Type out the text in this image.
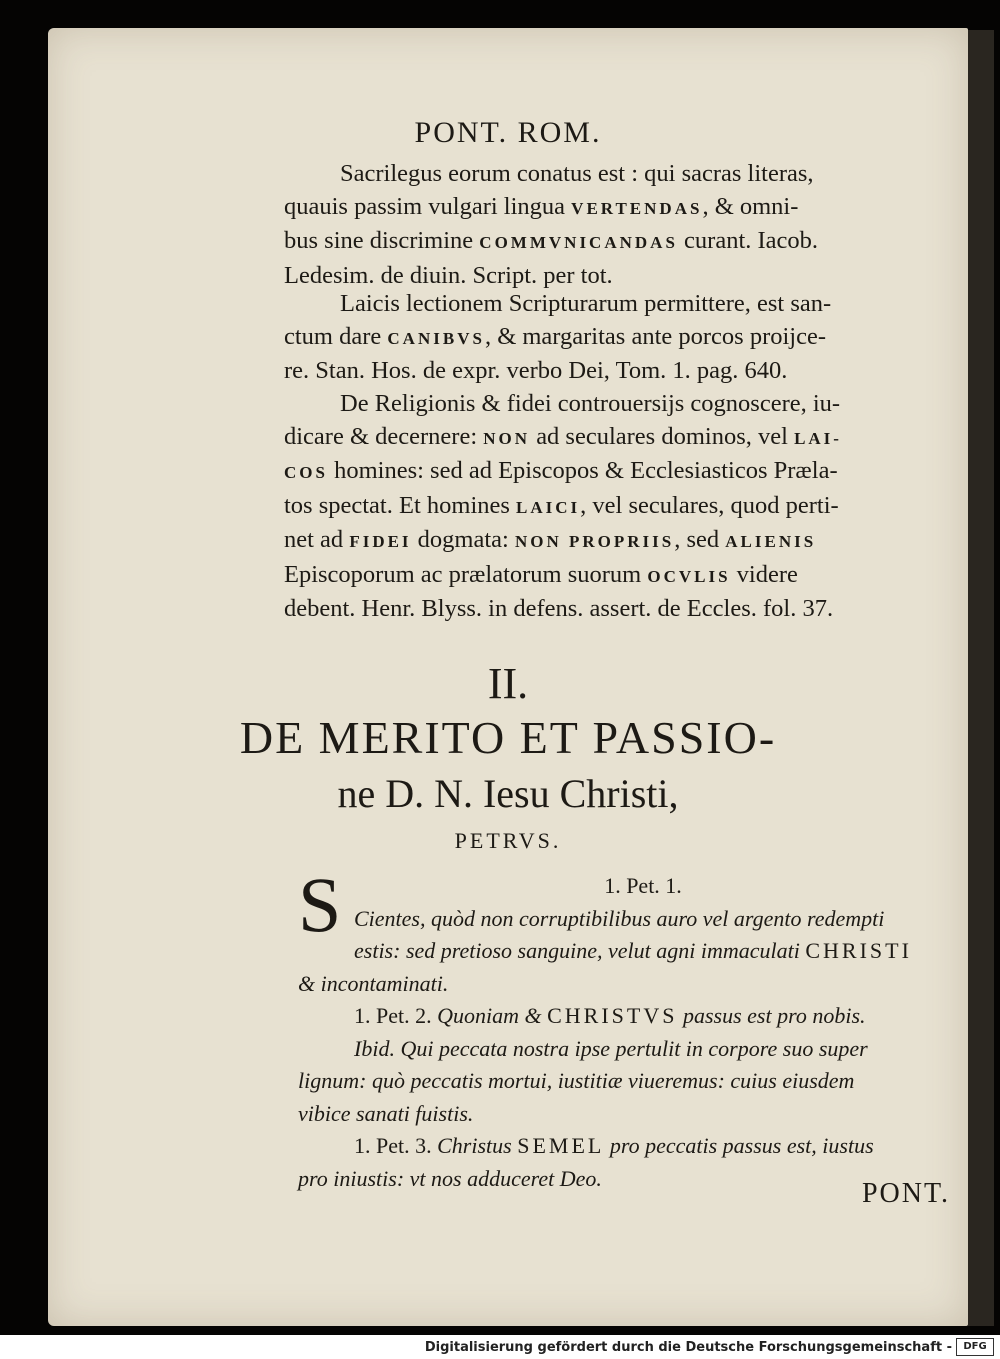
PONT. ROM.

Sacrilegus eorum conatus est : qui sacras literas,

quauis passim vulgari lingua VERTENDAS, & omni-

bus sine discrimine COMMVNICANDAS curant. Iacob.

Ledesim. de diuin. Script. per tot.

Laicis lectionem Scripturarum permittere, est san-

ctum dare CANIBVS, & margaritas ante porcos proijce-

re. Stan. Hos. de expr. verbo Dei, Tom. 1. pag. 640.

De Religionis & fidei controuersijs cognoscere, iu-

dicare & decernere: NON ad seculares dominos, vel LAI-

COS homines: sed ad Episcopos & Ecclesiasticos Præla-

tos spectat. Et homines LAICI, vel seculares, quod perti-

net ad FIDEI dogmata: NON PROPRIIS, sed ALIENIS

Episcoporum ac prælatorum suorum OCVLIS videre

debent. Henr. Blyss. in defens. assert. de Eccles. fol. 37.

II.
DE MERITO ET PASSIO-
ne D. N. Iesu Christi,
PETRVS.
S	1. Pet. 1.

Cientes, quòd non corruptibilibus auro vel argento redempti

estis: sed pretioso sanguine, velut agni immaculati CHRISTI

& incontaminati.

1. Pet. 2. Quoniam & CHRISTVS passus est pro nobis.

Ibid. Qui peccata nostra ipse pertulit in corpore suo super

lignum: quò peccatis mortui, iustitiæ viueremus: cuius eiusdem

vibice sanati fuistis.

1. Pet. 3. Christus SEMEL pro peccatis passus est, iustus

pro iniustis: vt nos adduceret Deo.	PONT.
Digitalisierung gefördert durch die Deutsche Forschungsgemeinschaft -	DFG
